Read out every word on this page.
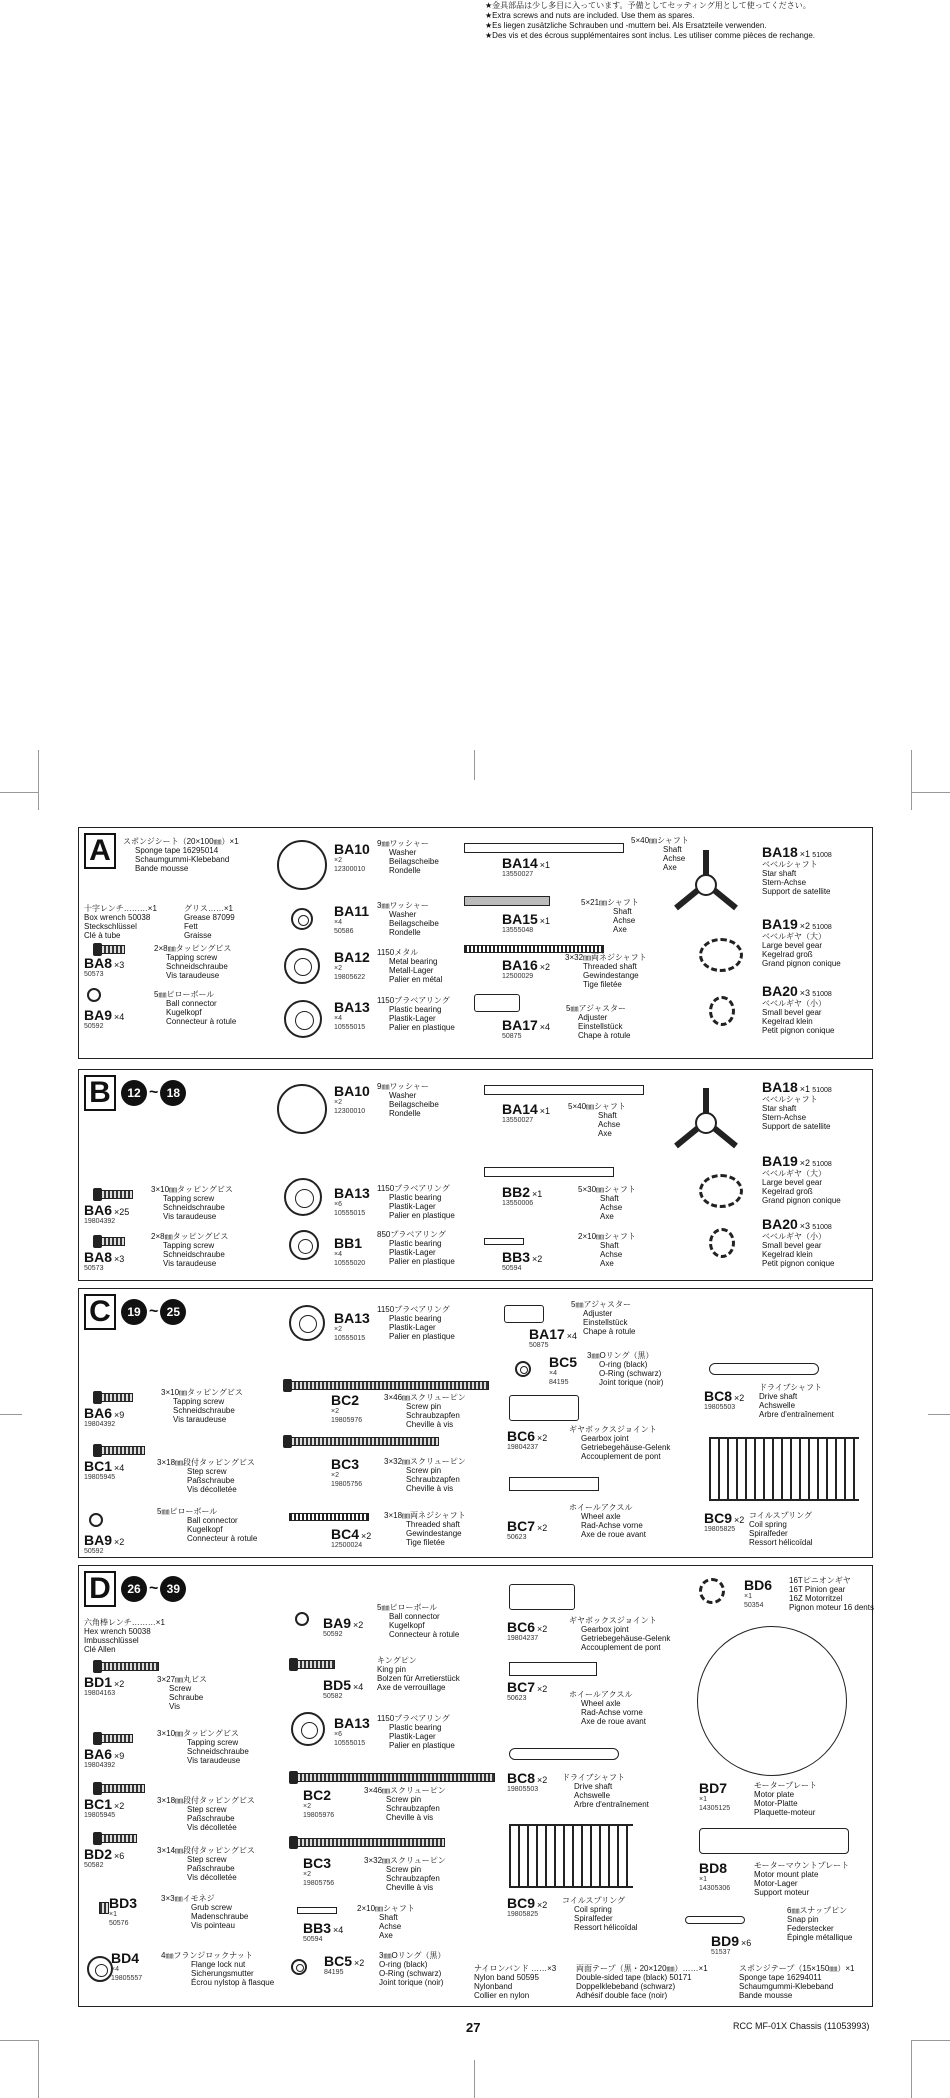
★金具部品は少し多目に入っています。予備としてセッティング用として使ってください。
★Extra screws and nuts are included. Use them as spares.
★Es liegen zusätzliche Schrauben und -muttern bei. Als Ersatzteile verwenden.
★Des vis et des écrous supplémentaires sont inclus. Les utiliser comme pièces de rechange.
A	スポンジシート（20×100㎜）×1
Sponge tape 16295014
Schaumgummi-Klebeband
Bande mousse
十字レンチ………×1
Box wrench 50038
Steckschlüssel
Clé à tube
グリス……×1
Grease 87099
Fett
Graisse
BA8 ×3
50573
2×8㎜タッピングビス
Tapping screw
Schneidschraube
Vis taraudeuse
BA9 ×4
50592
5㎜ピローボール
Ball connector
Kugelkopf
Connecteur à rotule
BA10
×2
12300010
9㎜ワッシャー
Washer
Beilagscheibe
Rondelle
BA11
×4
50586
3㎜ワッシャー
Washer
Beilagscheibe
Rondelle
BA12
×2
19805622
1150メタル
Metal bearing
Metall-Lager
Palier en métal
BA13
×4
10555015
1150プラベアリング
Plastic bearing
Plastik-Lager
Palier en plastique
BA14 ×1
13550027
5×40㎜シャフト
Shaft
Achse
Axe
BA15 ×1
13555048
5×21㎜シャフト
Shaft
Achse
Axe
BA16 ×2
12500029
3×32㎜両ネジシャフト
Threaded shaft
Gewindestange
Tige filetée
BA17 ×4
50875
5㎜アジャスター
Adjuster
Einstellstück
Chape à rotule
BA18 ×1 51008
ベベルシャフト
Star shaft
Stern-Achse
Support de satellite
BA19 ×2 51008
ベベルギヤ（大）
Large bevel gear
Kegelrad groß
Grand pignon conique
BA20 ×3 51008
ベベルギヤ（小）
Small bevel gear
Kegelrad klein
Petit pignon conique
B	12 ~ 18	BA10
×2
12300010
9㎜ワッシャー
Washer
Beilagscheibe
Rondelle
BA6 ×25
19804392
3×10㎜タッピングビス
Tapping screw
Schneidschraube
Vis taraudeuse
BA13
×6
10555015
1150プラベアリング
Plastic bearing
Plastik-Lager
Palier en plastique
BA8 ×3
50573
2×8㎜タッピングビス
Tapping screw
Schneidschraube
Vis taraudeuse
BB1
×4
10555020
850プラベアリング
Plastic bearing
Plastik-Lager
Palier en plastique
BA14 ×1
13550027
5×40㎜シャフト
Shaft
Achse
Axe
BB2 ×1
13550006
5×30㎜シャフト
Shaft
Achse
Axe
BB3 ×2
50594
2×10㎜シャフト
Shaft
Achse
Axe
BA18 ×1 51008
ベベルシャフト
Star shaft
Stern-Achse
Support de satellite
BA19 ×2 51008
ベベルギヤ（大）
Large bevel gear
Kegelrad groß
Grand pignon conique
BA20 ×3 51008
ベベルギヤ（小）
Small bevel gear
Kegelrad klein
Petit pignon conique
C	19 ~ 25	BA13
×2
10555015
1150プラベアリング
Plastic bearing
Plastik-Lager
Palier en plastique	BA17 ×4
50875
5㎜アジャスター
Adjuster
Einstellstück
Chape à rotule
BC5
×4
84195
3㎜Oリング（黒）
O-ring (black)
O-Ring (schwarz)
Joint torique (noir)
BA6 ×9
19804392
3×10㎜タッピングビス
Tapping screw
Schneidschraube
Vis taraudeuse
BC2
×2
19805976
3×46㎜スクリューピン
Screw pin
Schraubzapfen
Cheville à vis
BC1 ×4
19805945
3×18㎜段付タッピングビス
Step screw
Paßschraube
Vis décolletée
BC3
×2
19805756
3×32㎜スクリューピン
Screw pin
Schraubzapfen
Cheville à vis
BA9 ×2
50592
5㎜ピローボール
Ball connector
Kugelkopf
Connecteur à rotule	BC4 ×2
12500024
3×18㎜両ネジシャフト
Threaded shaft
Gewindestange
Tige filetée
BC6 ×2
19804237
ギヤボックスジョイント
Gearbox joint
Getriebegehäuse-Gelenk
Accouplement de pont
BC7 ×2
50623
ホイールアクスル
Wheel axle
Rad-Achse vorne
Axe de roue avant
BC8 ×2
19805503
ドライブシャフト
Drive shaft
Achswelle
Arbre d'entraînement
BC9 ×2
19805825
コイルスプリング
Coil spring
Spiralfeder
Ressort hélicoïdal
D	26 ~ 39
六角棒レンチ………×1
Hex wrench 50038
Imbusschlüssel
Clé Allen
BD1 ×2
19804163
3×27㎜丸ビス
Screw
Schraube
Vis
BA6 ×9
19804392
3×10㎜タッピングビス
Tapping screw
Schneidschraube
Vis taraudeuse
BC1 ×2
19805945
3×18㎜段付タッピングビス
Step screw
Paßschraube
Vis décolletée
BD2 ×6
50582
3×14㎜段付タッピングビス
Step screw
Paßschraube
Vis décolletée
BD3
×1
50576
3×3㎜イモネジ
Grub screw
Madenschraube
Vis pointeau
BD4
×4
19805557
4㎜フランジロックナット
Flange lock nut
Sicherungsmutter
Écrou nylstop à flasque
BA9 ×2
50592
5㎜ピローボール
Ball connector
Kugelkopf
Connecteur à rotule
BD5 ×4
50582
キングピン
King pin
Bolzen für Arretierstück
Axe de verrouillage
BA13
×6
10555015
1150プラベアリング
Plastic bearing
Plastik-Lager
Palier en plastique
BC2
×2
19805976
3×46㎜スクリューピン
Screw pin
Schraubzapfen
Cheville à vis
BC3
×2
19805756
3×32㎜スクリューピン
Screw pin
Schraubzapfen
Cheville à vis
BB3 ×4
50594
2×10㎜シャフト
Shaft
Achse
Axe
BC5 ×2
84195
3㎜Oリング（黒）
O-ring (black)
O-Ring (schwarz)
Joint torique (noir)
BC6 ×2
19804237
ギヤボックスジョイント
Gearbox joint
Getriebegehäuse-Gelenk
Accouplement de pont
BC7 ×2
50623	ホイールアクスル
Wheel axle
Rad-Achse vorne
Axe de roue avant
BC8 ×2
19805503
ドライブシャフト
Drive shaft
Achswelle
Arbre d'entraînement
BC9 ×2
19805825
コイルスプリング
Coil spring
Spiralfeder
Ressort hélicoïdal
BD6
×1
50354
16Tピニオンギヤ
16T Pinion gear
16Z Motorritzel
Pignon moteur 16 dents
BD7
×1
14305125
モータープレート
Motor plate
Motor-Platte
Plaquette-moteur
BD8
×1
14305306
モーターマウントプレート
Motor mount plate
Motor-Lager
Support moteur
BD9 ×6
51537
6㎜スナップピン
Snap pin
Federstecker
Épingle métallique
ナイロンバンド ……×3
Nylon band 50595
Nylonband
Collier en nylon
両面テープ（黒・20×120㎜）……×1
Double-sided tape (black) 50171
Doppelklebeband (schwarz)
Adhésif double face (noir)
スポンジテープ（15×150㎜）×1
Sponge tape 16294011
Schaumgummi-Klebeband
Bande mousse
27	RCC MF-01X Chassis (11053993)
